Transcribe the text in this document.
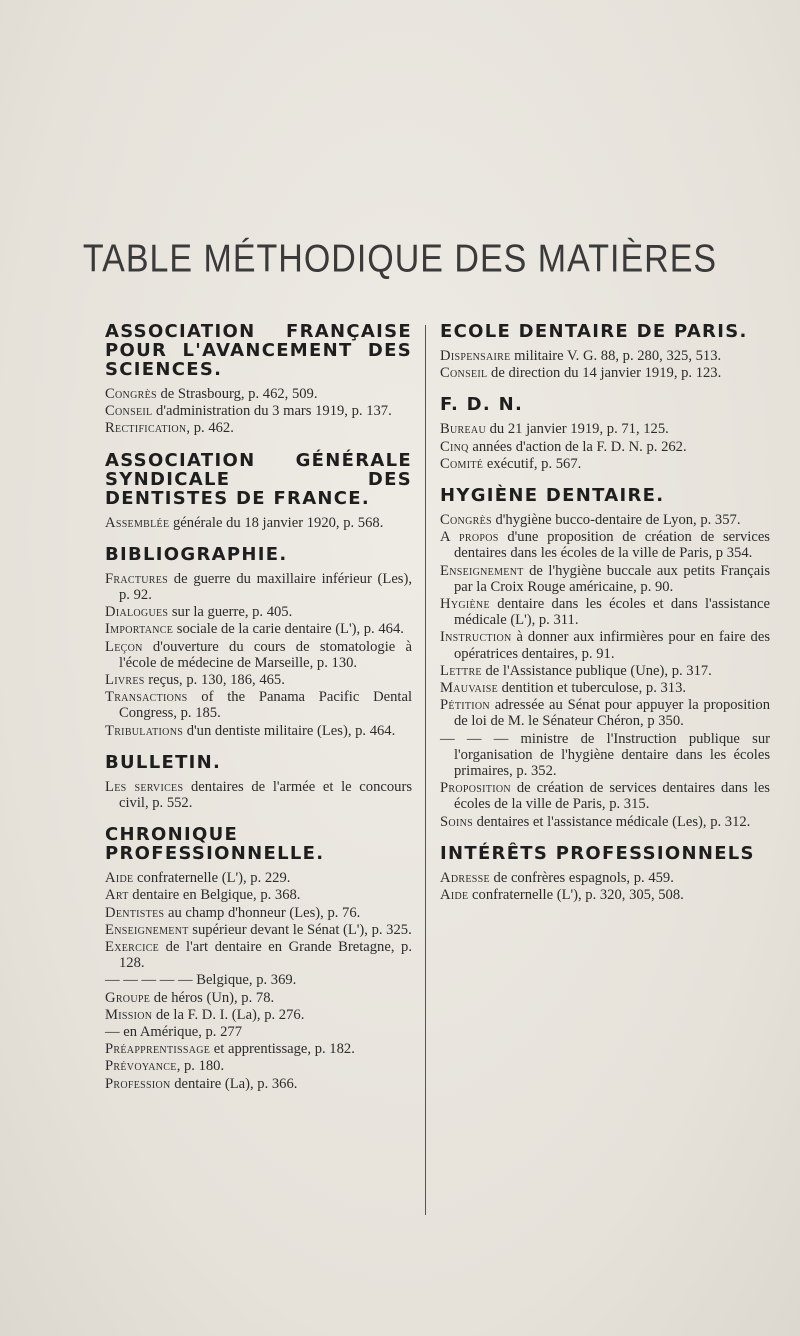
TABLE MÉTHODIQUE DES MATIÈRES
ASSOCIATION FRANÇAISE POUR L'AVANCEMENT DES SCIENCES.
Congrès de Strasbourg, p. 462, 509.
Conseil d'administration du 3 mars 1919, p. 137.
Rectification, p. 462.
ASSOCIATION GÉNÉRALE SYNDICALE DES DENTISTES DE FRANCE.
Assemblée générale du 18 janvier 1920, p. 568.
BIBLIOGRAPHIE.
Fractures de guerre du maxillaire inférieur (Les), p. 92.
Dialogues sur la guerre, p. 405.
Importance sociale de la carie dentaire (L'), p. 464.
Leçon d'ouverture du cours de stomatologie à l'école de médecine de Marseille, p. 130.
Livres reçus, p. 130, 186, 465.
Transactions of the Panama Pacific Dental Congress, p. 185.
Tribulations d'un dentiste militaire (Les), p. 464.
BULLETIN.
Les services dentaires de l'armée et le concours civil, p. 552.
CHRONIQUE PROFESSIONNELLE.
Aide confraternelle (L'), p. 229.
Art dentaire en Belgique, p. 368.
Dentistes au champ d'honneur (Les), p. 76.
Enseignement supérieur devant le Sénat (L'), p. 325.
Exercice de l'art dentaire en Grande Bretagne, p. 128.
— — — — — Belgique, p. 369.
Groupe de héros (Un), p. 78.
Mission de la F. D. I. (La), p. 276.
— en Amérique, p. 277
Préapprentissage et apprentissage, p. 182.
Prévoyance, p. 180.
Profession dentaire (La), p. 366.
ECOLE DENTAIRE DE PARIS.
Dispensaire militaire V. G. 88, p. 280, 325, 513.
Conseil de direction du 14 janvier 1919, p. 123.
F. D. N.
Bureau du 21 janvier 1919, p. 71, 125.
Cinq années d'action de la F. D. N. p. 262.
Comité exécutif, p. 567.
HYGIÈNE DENTAIRE.
Congrès d'hygiène bucco-dentaire de Lyon, p. 357.
A propos d'une proposition de création de services dentaires dans les écoles de la ville de Paris, p 354.
Enseignement de l'hygiène buccale aux petits Français par la Croix Rouge américaine, p. 90.
Hygiène dentaire dans les écoles et dans l'assistance médicale (L'), p. 311.
Instruction à donner aux infirmières pour en faire des opératrices dentaires, p. 91.
Lettre de l'Assistance publique (Une), p. 317.
Mauvaise dentition et tuberculose, p. 313.
Pétition adressée au Sénat pour appuyer la proposition de loi de M. le Sénateur Chéron, p 350.
— — — ministre de l'Instruction publique sur l'organisation de l'hygiène dentaire dans les écoles primaires, p. 352.
Proposition de création de services dentaires dans les écoles de la ville de Paris, p. 315.
Soins dentaires et l'assistance médicale (Les), p. 312.
INTÉRÊTS PROFESSIONNELS
Adresse de confrères espagnols, p. 459.
Aide confraternelle (L'), p. 320, 305, 508.
